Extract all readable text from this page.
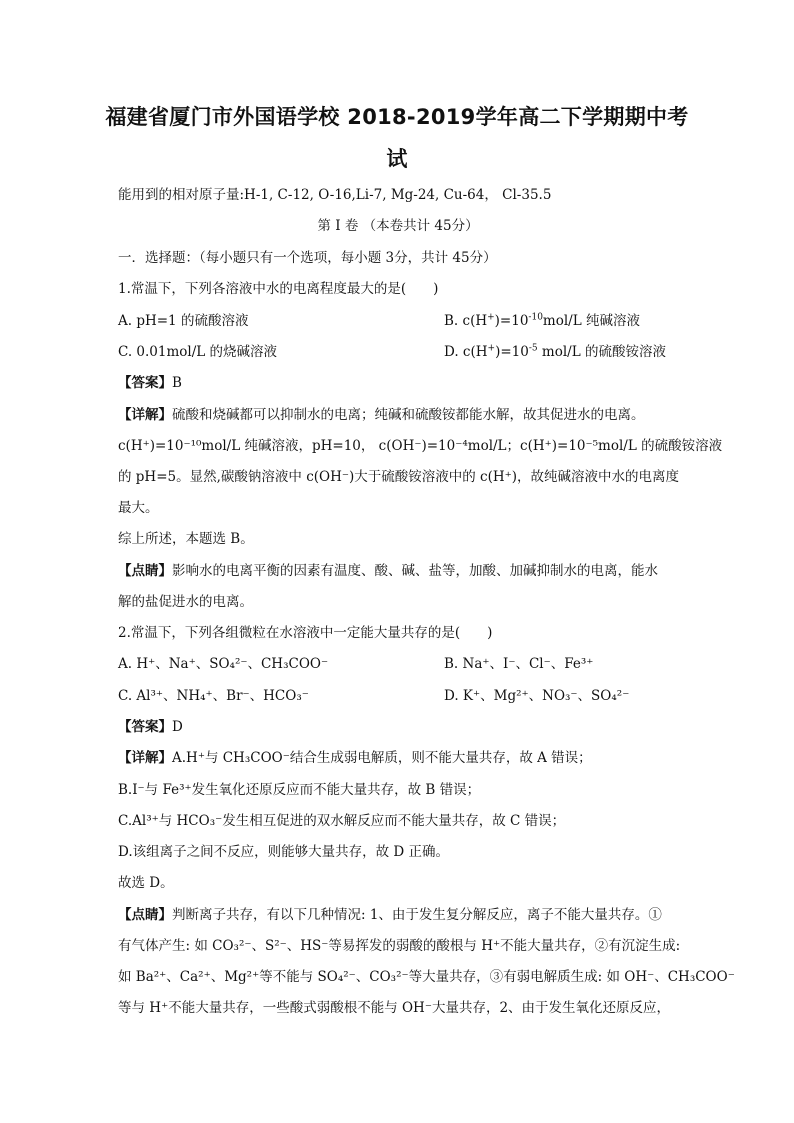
福建省厦门市外国语学校 2018-2019学年高二下学期期中考
试
能用到的相对原子量:H-1, C-12, O-16,Li-7, Mg-24, Cu-64， Cl-35.5
第 I 卷 （本卷共计 45分）
一．选择题：（每小题只有一个选项，每小题 3分，共计 45分）
1.常温下，下列各溶液中水的电离程度最大的是(　　)
A. pH=1 的硫酸溶液	B. $c(H^+)=10^{-10}mol/L$ 纯碱溶液
C. 0.01mol/L 的烧碱溶液	D. $c(H^+)=10^{-5}$ mol/L 的硫酸铵溶液
【答案】B
【详解】硫酸和烧碱都可以抑制水的电离；纯碱和硫酸铵都能水解，故其促进水的电离。
c(H⁺)=10⁻¹⁰mol/L 纯碱溶液，pH=10， c(OH⁻)=10⁻⁴mol/L；c(H⁺)=10⁻⁵mol/L 的硫酸铵溶液
的 pH=5。显然,碳酸钠溶液中 c(OH⁻)大于硫酸铵溶液中的 c(H⁺)，故纯碱溶液中水的电离度
最大。
综上所述，本题选 B。
【点睛】影响水的电离平衡的因素有温度、酸、碱、盐等，加酸、加碱抑制水的电离，能水
解的盐促进水的电离。
2.常温下，下列各组微粒在水溶液中一定能大量共存的是(　　)
A. H⁺、Na⁺、SO₄²⁻、CH₃COO⁻	B. Na⁺、I⁻、Cl⁻、Fe³⁺
C. Al³⁺、NH₄⁺、Br⁻、HCO₃⁻	D. K⁺、Mg²⁺、NO₃⁻、SO₄²⁻
【答案】D
【详解】A.H⁺与 CH₃COO⁻结合生成弱电解质，则不能大量共存，故 A 错误；
B.I⁻与 Fe³⁺发生氧化还原反应而不能大量共存，故 B 错误；
C.Al³⁺与 HCO₃⁻发生相互促进的双水解反应而不能大量共存，故 C 错误；
D.该组离子之间不反应，则能够大量共存，故 D 正确。
故选 D。
【点睛】判断离子共存，有以下几种情况: 1、由于发生复分解反应，离子不能大量共存。①
有气体产生: 如 CO₃²⁻、S²⁻、HS⁻等易挥发的弱酸的酸根与 H⁺不能大量共存，②有沉淀生成:
如 Ba²⁺、Ca²⁺、Mg²⁺等不能与 SO₄²⁻、CO₃²⁻等大量共存，③有弱电解质生成: 如 OH⁻、CH₃COO⁻
等与 H⁺不能大量共存，一些酸式弱酸根不能与 OH⁻大量共存，2、由于发生氧化还原反应，
